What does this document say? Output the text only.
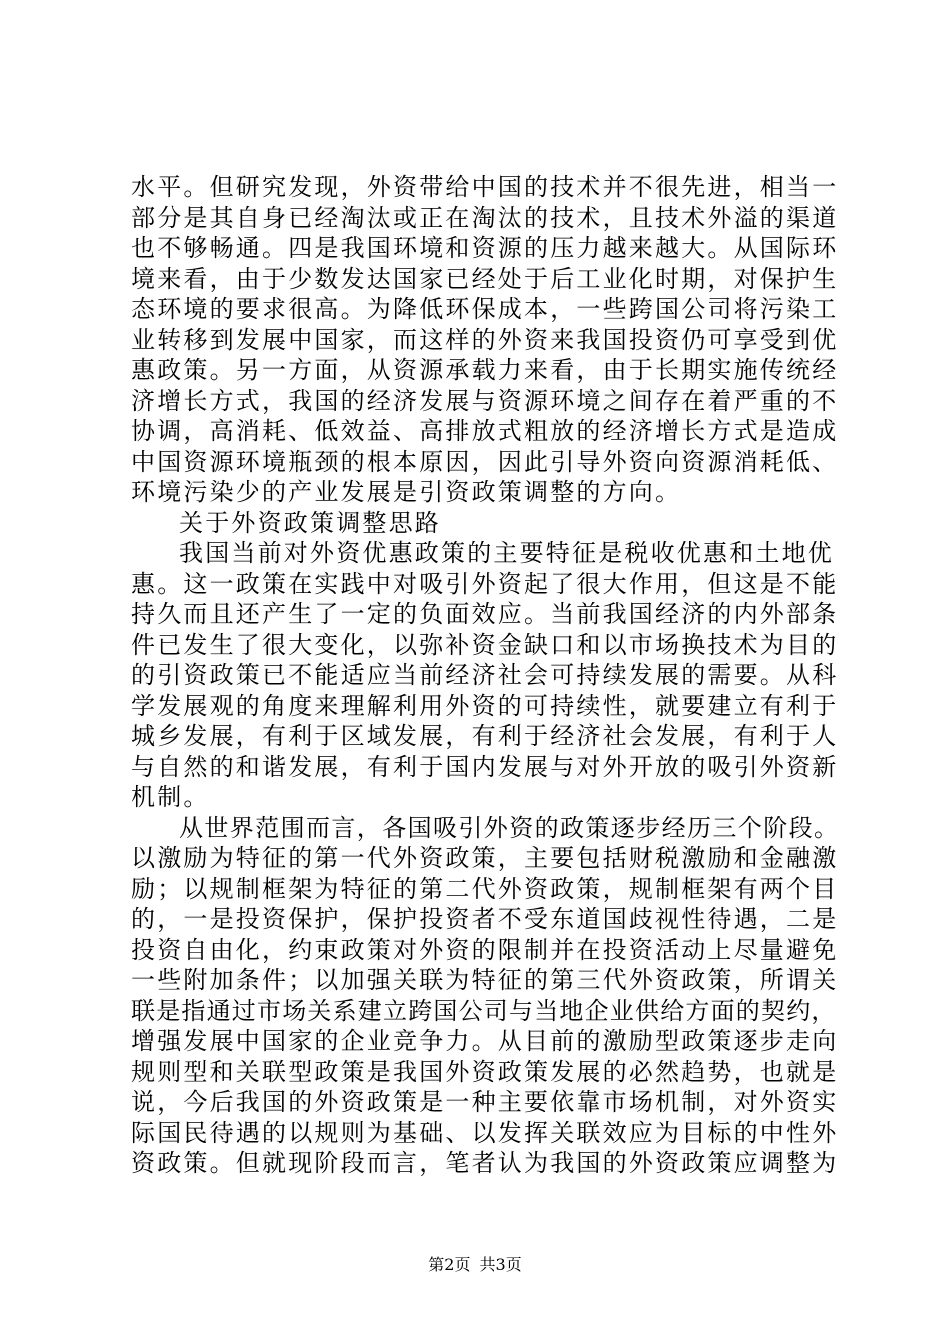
水平。但研究发现，外资带给中国的技术并不很先进，相当一
部分是其自身已经淘汰或正在淘汰的技术，且技术外溢的渠道
也不够畅通。四是我国环境和资源的压力越来越大。从国际环
境来看，由于少数发达国家已经处于后工业化时期，对保护生
态环境的要求很高。为降低环保成本，一些跨国公司将污染工
业转移到发展中国家，而这样的外资来我国投资仍可享受到优
惠政策。另一方面，从资源承载力来看，由于长期实施传统经
济增长方式，我国的经济发展与资源环境之间存在着严重的不
协调，高消耗、低效益、高排放式粗放的经济增长方式是造成
中国资源环境瓶颈的根本原因，因此引导外资向资源消耗低、
环境污染少的产业发展是引资政策调整的方向。
关于外资政策调整思路
我国当前对外资优惠政策的主要特征是税收优惠和土地优
惠。这一政策在实践中对吸引外资起了很大作用，但这是不能
持久而且还产生了一定的负面效应。当前我国经济的内外部条
件已发生了很大变化，以弥补资金缺口和以市场换技术为目的
的引资政策已不能适应当前经济社会可持续发展的需要。从科
学发展观的角度来理解利用外资的可持续性，就要建立有利于
城乡发展，有利于区域发展，有利于经济社会发展，有利于人
与自然的和谐发展，有利于国内发展与对外开放的吸引外资新
机制。
从世界范围而言，各国吸引外资的政策逐步经历三个阶段。
以激励为特征的第一代外资政策，主要包括财税激励和金融激
励；以规制框架为特征的第二代外资政策，规制框架有两个目
的，一是投资保护，保护投资者不受东道国歧视性待遇，二是
投资自由化，约束政策对外资的限制并在投资活动上尽量避免
一些附加条件；以加强关联为特征的第三代外资政策，所谓关
联是指通过市场关系建立跨国公司与当地企业供给方面的契约，
增强发展中国家的企业竞争力。从目前的激励型政策逐步走向
规则型和关联型政策是我国外资政策发展的必然趋势，也就是
说，今后我国的外资政策是一种主要依靠市场机制，对外资实
际国民待遇的以规则为基础、以发挥关联效应为目标的中性外
资政策。但就现阶段而言，笔者认为我国的外资政策应调整为
第2页 共3页
